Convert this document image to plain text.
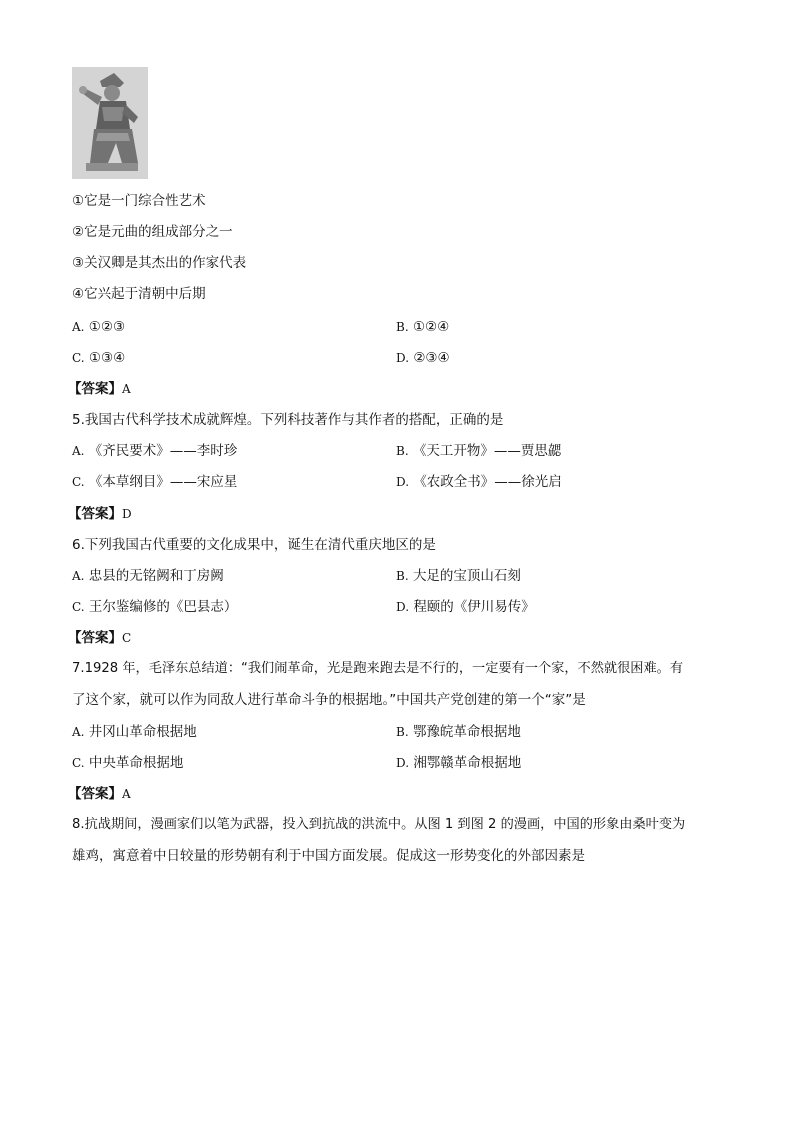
①它是一门综合性艺术
②它是元曲的组成部分之一
③关汉卿是其杰出的作家代表
④它兴起于清朝中后期
A. ①②③	B. ①②④
C. ①③④	D. ②③④
【答案】A
5.我国古代科学技术成就辉煌。下列科技著作与其作者的搭配，正确的是
A. 《齐民要术》——李时珍	B. 《天工开物》——贾思勰
C. 《本草纲目》——宋应星	D. 《农政全书》——徐光启
【答案】D
6.下列我国古代重要的文化成果中，诞生在清代重庆地区的是
A. 忠县的无铭阙和丁房阙	B. 大足的宝顶山石刻
C. 王尔鉴编修的《巴县志）	D. 程颐的《伊川易传》
【答案】C
7.1928 年，毛泽东总结道：“我们闹革命，光是跑来跑去是不行的，一定要有一个家，不然就很困难。有
了这个家，就可以作为同敌人进行革命斗争的根据地。”中国共产党创建的第一个“家”是
A. 井冈山革命根据地	B. 鄂豫皖革命根据地
C. 中央革命根据地	D. 湘鄂赣革命根据地
【答案】A
8.抗战期间，漫画家们以笔为武器，投入到抗战的洪流中。从图 1 到图 2 的漫画，中国的形象由桑叶变为
雄鸡，寓意着中日较量的形势朝有利于中国方面发展。促成这一形势变化的外部因素是
